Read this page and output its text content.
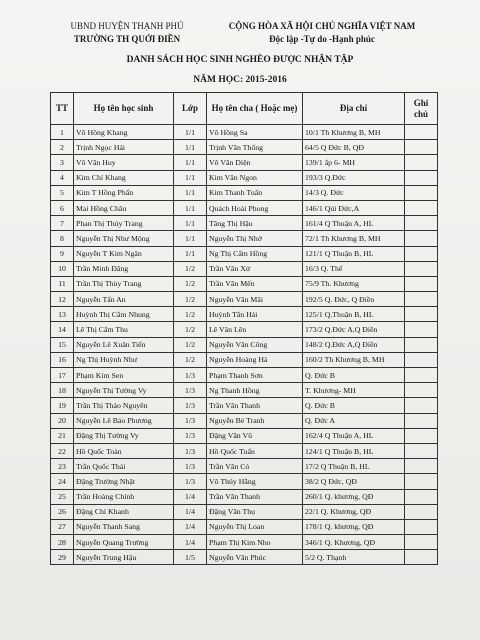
UBND HUYỆN THẠNH PHÚ
TRƯỜNG TH QUỚI ĐIỀN
CỘNG HÒA XÃ HỘI CHỦ NGHĨA VIỆT NAM
Độc lập -Tự do -Hạnh phúc
DANH SÁCH HỌC SINH NGHÈO ĐƯỢC NHẬN TẬP
NĂM HỌC: 2015-2016
TT	Họ tên học sinh	Lớp	Họ tên cha ( Hoặc mẹ)	Địa chỉ	Ghi chú
1	Võ Hồng Khang	1/1	Võ Hồng Sa	10/1 Th Khương B, MH	
2	Trịnh Ngọc Hải	1/1	Trịnh Văn Thống	64/5 Q Đức B, QĐ	
3	Võ Văn Huy	1/1	Võ Văn Diện	139/1 ấp 6- MH	
4	Kim Chí Khang	1/1	Kim Văn Ngon	193/3 Q.Đức	
5	Kim T Hồng Phấn	1/1	Kim Thanh Tuấn	14/3 Q. Đức	
6	Mai Hồng Châu	1/1	Quách Hoài Phong	146/1 Qúi Đức,A	
7	Phan Thị Thủy Trang	1/1	Tăng Thị Hậu	161/4 Q Thuận A, HL	
8	Nguyễn Thị Như Mộng	1/1	Nguyễn Thị Nhớ	72/1 Th Khương B, MH	
9	Nguyễn T Kim Ngân	1/1	Ng Thị Cẩm Hồng	121/1 Q Thuận B, HL	
10	Trần Minh Đăng	1/2	Trần Văn Xử	16/3 Q. Thế	
11	Trần Thị Thùy Trang	1/2	Trần Văn Mến	75/9 Th. Khương	
12	Nguyễn Tấn An	1/2	Nguyễn Văn Mãi	192/5 Q. Đức, Q Điền	
13	Huỳnh Thị Cẩm Nhung	1/2	Huỳnh Tấn Hải	125/1 Q.Thuận B, HL	
14	Lê Thị Cẩm Thu	1/2	Lê Văn Lên	173/2 Q.Đức A,Q Điền	
15	Nguyễn Lê Xuân Tiến	1/2	Nguyễn Văn Công	148/2 Q.Đức A,Q Điền	
16	Ng Thị Huỳnh Như	1/2	Nguyễn Hoàng Hà	160/2 Th Khương B, MH	
17	Phạm Kim Sen	1/3	Phạm Thanh Sơn	Q. Đức B	
18	Nguyễn Thị Tường Vy	1/3	Ng Thanh Hồng	T. Khương- MH	
19	Trần Thị Thảo Nguyên	1/3	Trần Văn Thanh	Q. Đức B	
20	Nguyễn Lê Bảo Phương	1/3	Nguyễn Bé Tranh	Q. Đức A	
21	Đặng Thị Tường Vy	1/3	Đặng Văn Vũ	162/4 Q Thuận A, HL	
22	Hồ Quốc Toàn	1/3	Hồ Quốc Tuấn	124/1 Q Thuận B, HL	
23	Trần Quốc Thái	1/3	Trần Văn Có	17/2 Q Thuận B, HL	
24	Đặng Trường Nhật	1/3	Võ Thúy Hằng	38/2 Q Đức, QĐ	
25	Trần Hoàng Chính	1/4	Trần Văn Thanh	260/1 Q. khương, QĐ	
26	Đặng Chí Khanh	1/4	Đặng Văn Thụ	22/1 Q. Khương, QĐ	
27	Nguyễn Thanh Sang	1/4	Nguyễn Thị Loan	178/1 Q. khương, QĐ	
28	Nguyễn Quang Trường	1/4	Phạm Thị Kim Nho	346/1 Q. Khương, QĐ	
29	Nguyễn Trung Hậu	1/5	Nguyễn Văn Phúc	5/2 Q. Thạnh	
